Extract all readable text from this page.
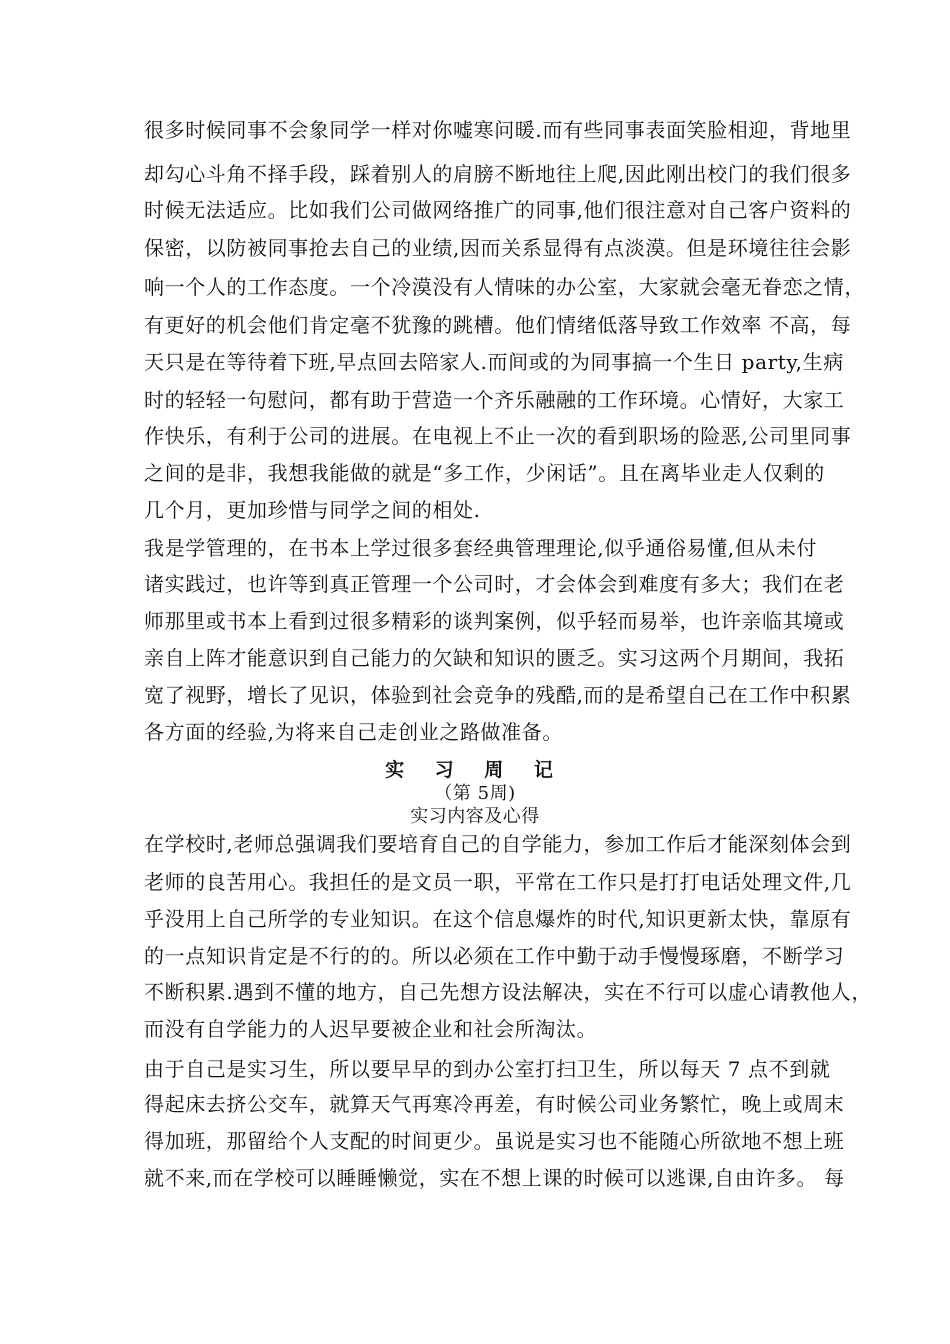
很多时候同事不会象同学一样对你嘘寒问暖.而有些同事表面笑脸相迎，背地里
却勾心斗角不择手段，踩着别人的肩膀不断地往上爬,因此刚出校门的我们很多
时候无法适应。比如我们公司做网络推广的同事,他们很注意对自己客户资料的
保密，以防被同事抢去自己的业绩,因而关系显得有点淡漠。但是环境往往会影
响一个人的工作态度。一个冷漠没有人情味的办公室，大家就会毫无眷恋之情，
有更好的机会他们肯定毫不犹豫的跳槽。他们情绪低落导致工作效率 不高，每
天只是在等待着下班,早点回去陪家人.而间或的为同事搞一个生日 party,生病
时的轻轻一句慰问，都有助于营造一个齐乐融融的工作环境。心情好，大家工
作快乐，有利于公司的进展。在电视上不止一次的看到职场的险恶,公司里同事
之间的是非，我想我能做的就是“多工作，少闲话”。且在离毕业走人仅剩的
几个月，更加珍惜与同学之间的相处.
我是学管理的，在书本上学过很多套经典管理理论,似乎通俗易懂,但从未付
诸实践过，也许等到真正管理一个公司时，才会体会到难度有多大；我们在老
师那里或书本上看到过很多精彩的谈判案例，似乎轻而易举，也许亲临其境或
亲自上阵才能意识到自己能力的欠缺和知识的匮乏。实习这两个月期间，我拓
宽了视野，增长了见识，体验到社会竞争的残酷,而的是希望自己在工作中积累
各方面的经验,为将来自己走创业之路做准备。
实 习 周 记
（第 5周)
实习内容及心得
在学校时,老师总强调我们要培育自己的自学能力，参加工作后才能深刻体会到
老师的良苦用心。我担任的是文员一职，平常在工作只是打打电话处理文件,几
乎没用上自己所学的专业知识。在这个信息爆炸的时代,知识更新太快，靠原有
的一点知识肯定是不行的的。所以必须在工作中勤于动手慢慢琢磨，不断学习
不断积累.遇到不懂的地方，自己先想方设法解决，实在不行可以虚心请教他人，
而没有自学能力的人迟早要被企业和社会所淘汰。
由于自己是实习生，所以要早早的到办公室打扫卫生，所以每天 7 点不到就
得起床去挤公交车，就算天气再寒冷再差，有时候公司业务繁忙，晚上或周末
得加班，那留给个人支配的时间更少。虽说是实习也不能随心所欲地不想上班
就不来,而在学校可以睡睡懒觉，实在不想上课的时候可以逃课,自由许多。 每
